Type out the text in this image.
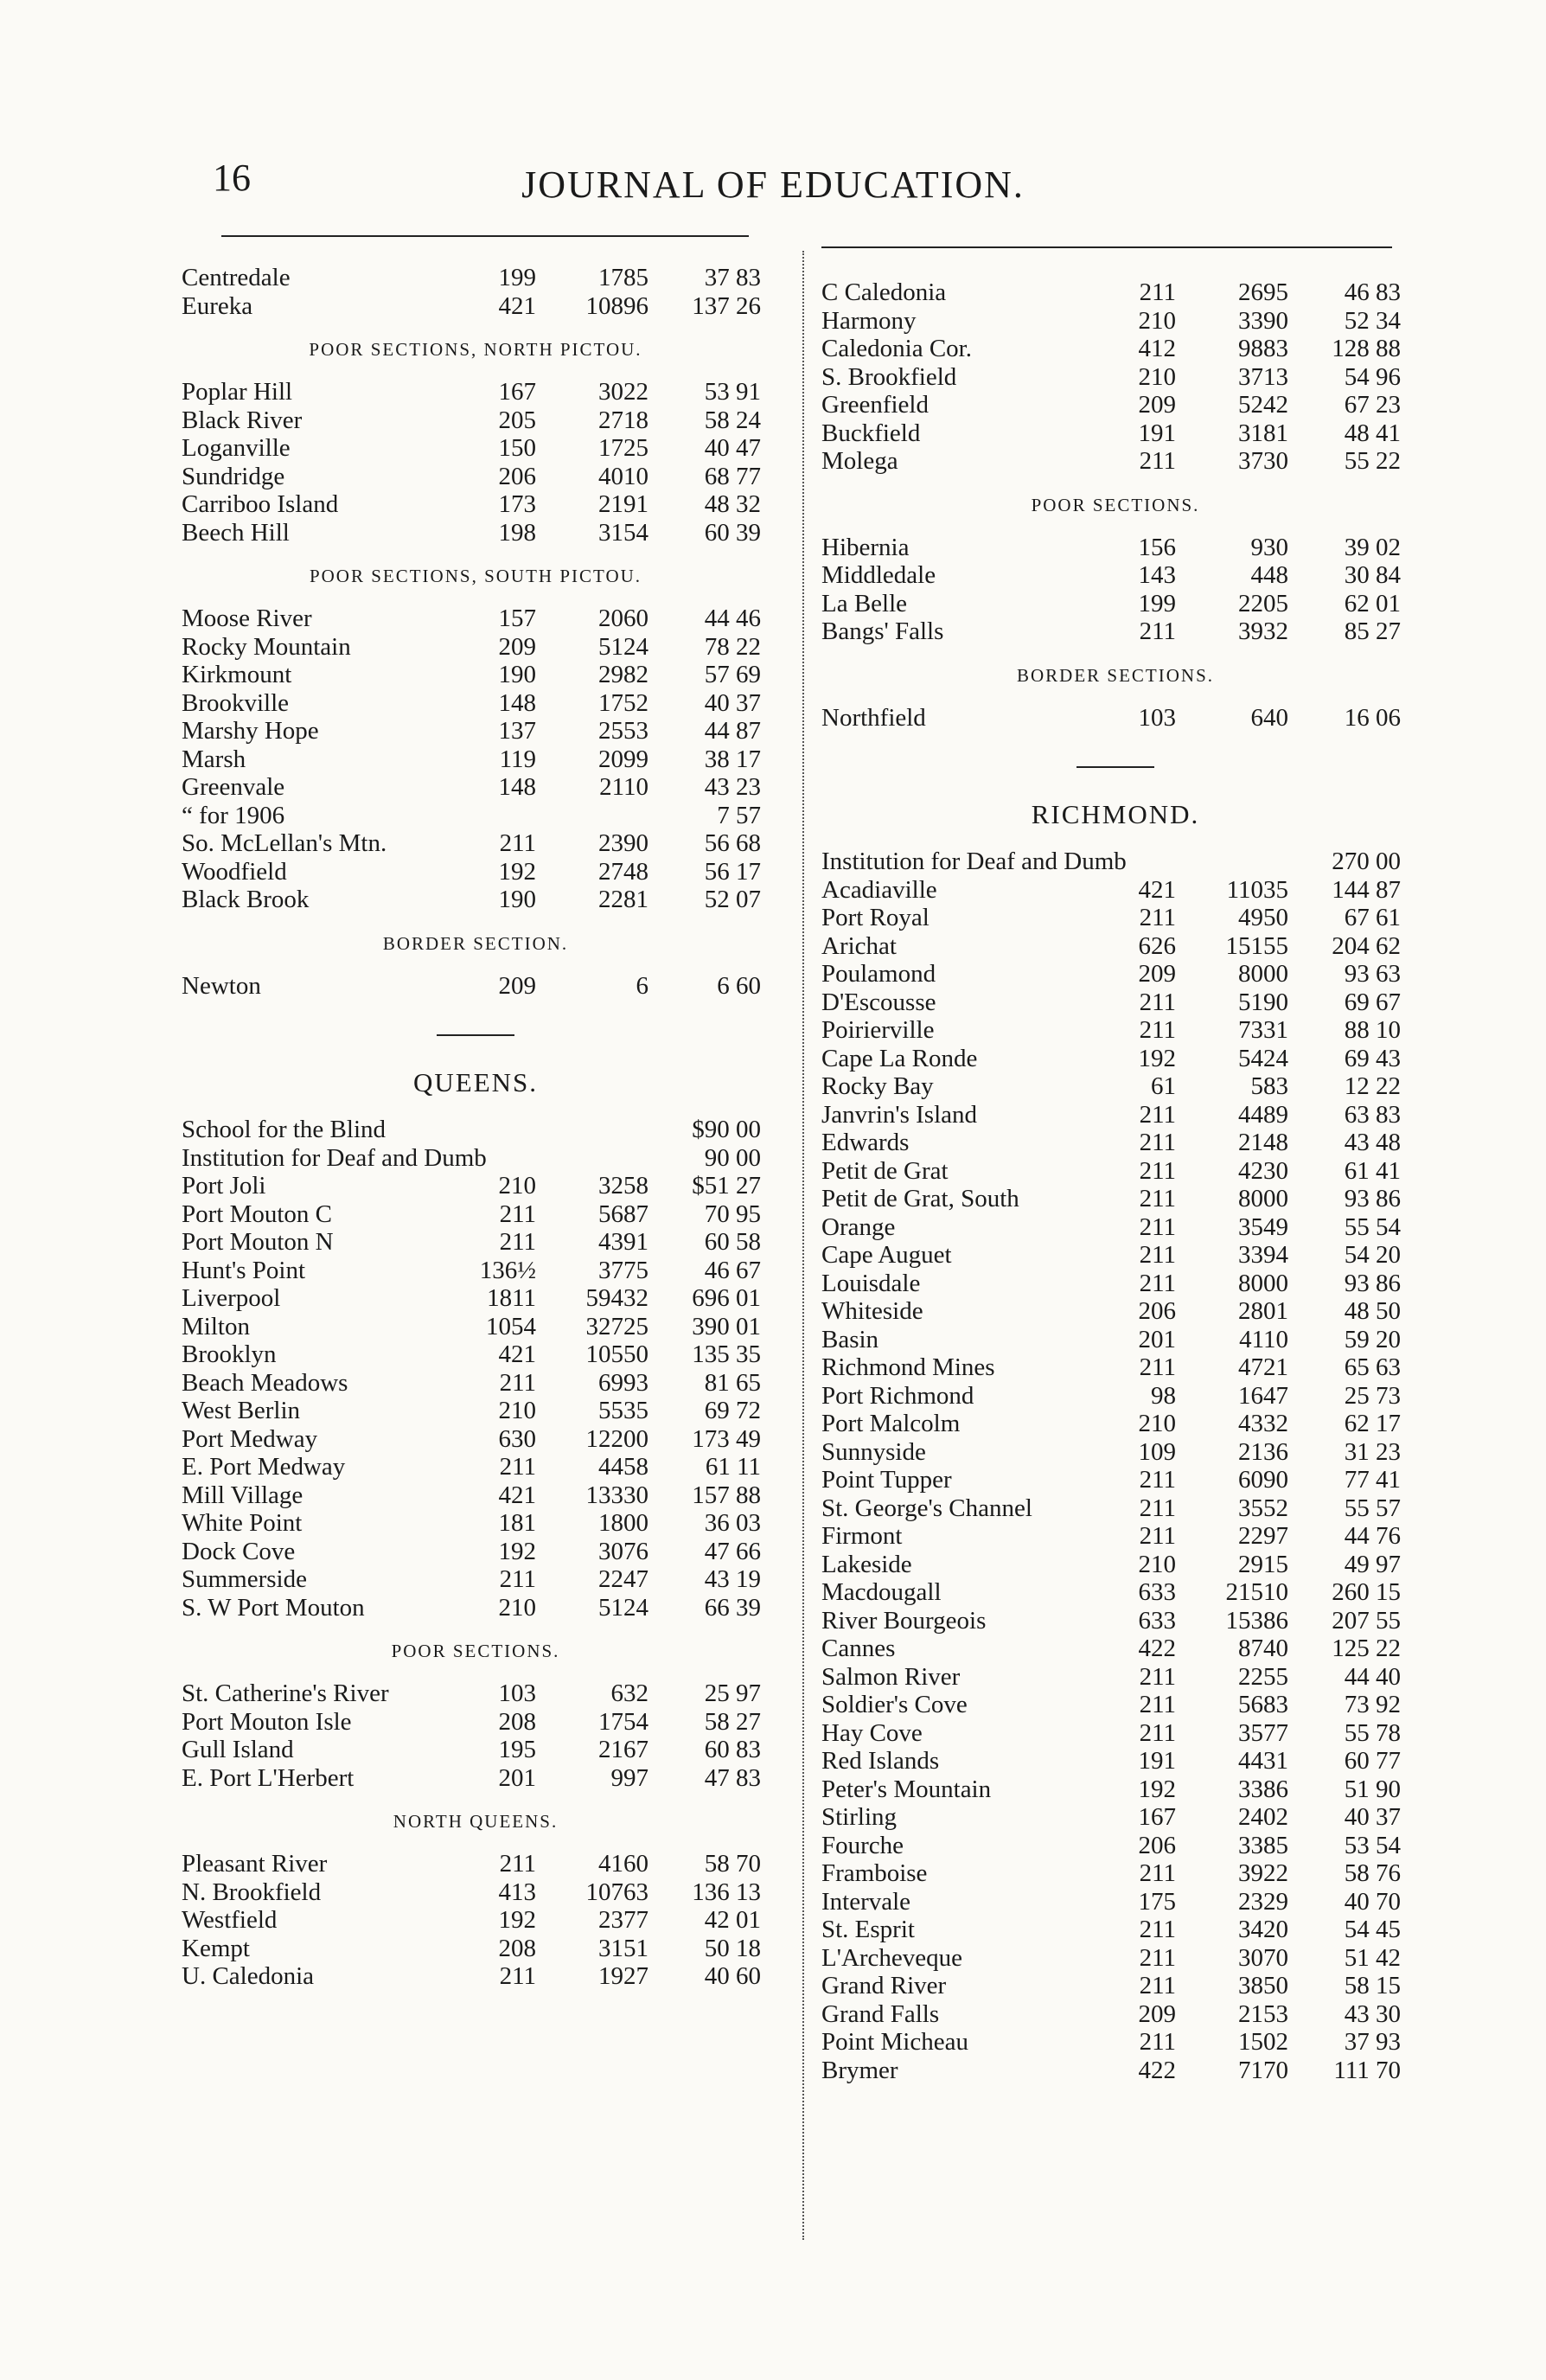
16	JOURNAL OF EDUCATION.
Centredale	199	1785	37 83
Eureka	421	10896	137 26
POOR SECTIONS, NORTH PICTOU.
Poplar Hill	167	3022	53 91
Black River	205	2718	58 24
Loganville	150	1725	40 47
Sundridge	206	4010	68 77
Carriboo Island	173	2191	48 32
Beech Hill	198	3154	60 39
POOR SECTIONS, SOUTH PICTOU.
Moose River	157	2060	44 46
Rocky Mountain	209	5124	78 22
Kirkmount	190	2982	57 69
Brookville	148	1752	40 37
Marshy Hope	137	2553	44 87
Marsh	119	2099	38 17
Greenvale	148	2110	43 23
“ for 1906	7 57
So. McLellan's Mtn.	211	2390	56 68
Woodfield	192	2748	56 17
Black Brook	190	2281	52 07
BORDER SECTION.
Newton	209	6	6 60
QUEENS.
School for the Blind	$90 00
Institution for Deaf and Dumb	90 00
Port Joli	210	3258	$51 27
Port Mouton C	211	5687	70 95
Port Mouton N	211	4391	60 58
Hunt's Point	136½	3775	46 67
Liverpool	1811	59432	696 01
Milton	1054	32725	390 01
Brooklyn	421	10550	135 35
Beach Meadows	211	6993	81 65
West Berlin	210	5535	69 72
Port Medway	630	12200	173 49
E. Port Medway	211	4458	61 11
Mill Village	421	13330	157 88
White Point	181	1800	36 03
Dock Cove	192	3076	47 66
Summerside	211	2247	43 19
S. W Port Mouton	210	5124	66 39
POOR SECTIONS.
St. Catherine's River	103	632	25 97
Port Mouton Isle	208	1754	58 27
Gull Island	195	2167	60 83
E. Port L'Herbert	201	997	47 83
NORTH QUEENS.
Pleasant River	211	4160	58 70
N. Brookfield	413	10763	136 13
Westfield	192	2377	42 01
Kempt	208	3151	50 18
U. Caledonia	211	1927	40 60
C Caledonia	211	2695	46 83
Harmony	210	3390	52 34
Caledonia Cor.	412	9883	128 88
S. Brookfield	210	3713	54 96
Greenfield	209	5242	67 23
Buckfield	191	3181	48 41
Molega	211	3730	55 22
POOR SECTIONS.
Hibernia	156	930	39 02
Middledale	143	448	30 84
La Belle	199	2205	62 01
Bangs' Falls	211	3932	85 27
BORDER SECTIONS.
Northfield	103	640	16 06
RICHMOND.
Institution for Deaf and Dumb	270 00
Acadiaville	421	11035	144 87
Port Royal	211	4950	67 61
Arichat	626	15155	204 62
Poulamond	209	8000	93 63
D'Escousse	211	5190	69 67
Poirierville	211	7331	88 10
Cape La Ronde	192	5424	69 43
Rocky Bay	61	583	12 22
Janvrin's Island	211	4489	63 83
Edwards	211	2148	43 48
Petit de Grat	211	4230	61 41
Petit de Grat, South	211	8000	93 86
Orange	211	3549	55 54
Cape Auguet	211	3394	54 20
Louisdale	211	8000	93 86
Whiteside	206	2801	48 50
Basin	201	4110	59 20
Richmond Mines	211	4721	65 63
Port Richmond	98	1647	25 73
Port Malcolm	210	4332	62 17
Sunnyside	109	2136	31 23
Point Tupper	211	6090	77 41
St. George's Channel	211	3552	55 57
Firmont	211	2297	44 76
Lakeside	210	2915	49 97
Macdougall	633	21510	260 15
River Bourgeois	633	15386	207 55
Cannes	422	8740	125 22
Salmon River	211	2255	44 40
Soldier's Cove	211	5683	73 92
Hay Cove	211	3577	55 78
Red Islands	191	4431	60 77
Peter's Mountain	192	3386	51 90
Stirling	167	2402	40 37
Fourche	206	3385	53 54
Framboise	211	3922	58 76
Intervale	175	2329	40 70
St. Esprit	211	3420	54 45
L'Archeveque	211	3070	51 42
Grand River	211	3850	58 15
Grand Falls	209	2153	43 30
Point Micheau	211	1502	37 93
Brymer	422	7170	111 70
